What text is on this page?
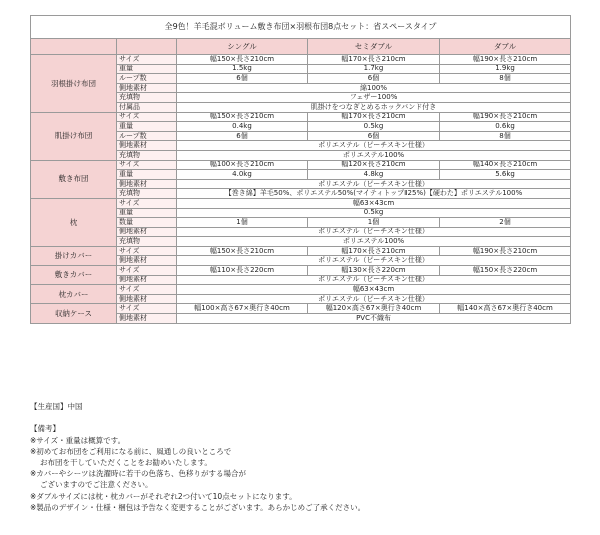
全9色！羊毛混ボリューム敷き布団×羽根布団8点セット：省スペースタイプ				
		シングル	セミダブル	ダブル
羽根掛け布団	サイズ	幅150×長さ210cm	幅170×長さ210cm	幅190×長さ210cm
	重量	1.5kg	1.7kg	1.9kg
	ループ数	6個	6個	8個
	側地素材	綿100%		
	充填物	フェザー100%		
	付属品	肌掛けをつなぎとめるホックバンド付き		
肌掛け布団	サイズ	幅150×長さ210cm	幅170×長さ210cm	幅190×長さ210cm
	重量	0.4kg	0.5kg	0.6kg
	ループ数	6個	6個	8個
	側地素材	ポリエステル（ピーチスキン仕様）		
	充填物	ポリエステル100%		
敷き布団	サイズ	幅100×長さ210cm	幅120×長さ210cm	幅140×長さ210cm
	重量	4.0kg	4.8kg	5.6kg
	側地素材	ポリエステル（ピーチスキン仕様）		
	充填物	【巻き綿】羊毛50%、ポリエステル50%(マイティトップⅡ25%)【硬わた】ポリエステル100%		
枕	サイズ	幅63×43cm		
	重量	0.5kg		
	数量	1個	1個	2個
	側地素材	ポリエステル（ピーチスキン仕様）		
	充填物	ポリエステル100%		
掛けカバー	サイズ	幅150×長さ210cm	幅170×長さ210cm	幅190×長さ210cm
	側地素材	ポリエステル（ピーチスキン仕様）		
敷きカバー	サイズ	幅110×長さ220cm	幅130×長さ220cm	幅150×長さ220cm
	側地素材	ポリエステル（ピーチスキン仕様）		
枕カバー	サイズ	幅63×43cm		
	側地素材	ポリエステル（ピーチスキン仕様）		
収納ケース	サイズ	幅100×高さ67×奥行き40cm	幅120×高さ67×奥行き40cm	幅140×高さ67×奥行き40cm
	側地素材	PVC不織布		
【生産国】中国
【備考】
※サイズ・重量は概算です。
※初めてお布団をご利用になる前に、風通しの良いところで
お布団を干していただくことをお勧めいたします。
※カバーやシーツは洗濯時に若干の色落ち、色移りがする場合が
ございますのでご注意ください。
※ダブルサイズには枕・枕カバーがそれぞれ2つ付いて10点セットになります。
※製品のデザイン・仕様・梱包は予告なく変更することがございます。あらかじめご了承ください。
